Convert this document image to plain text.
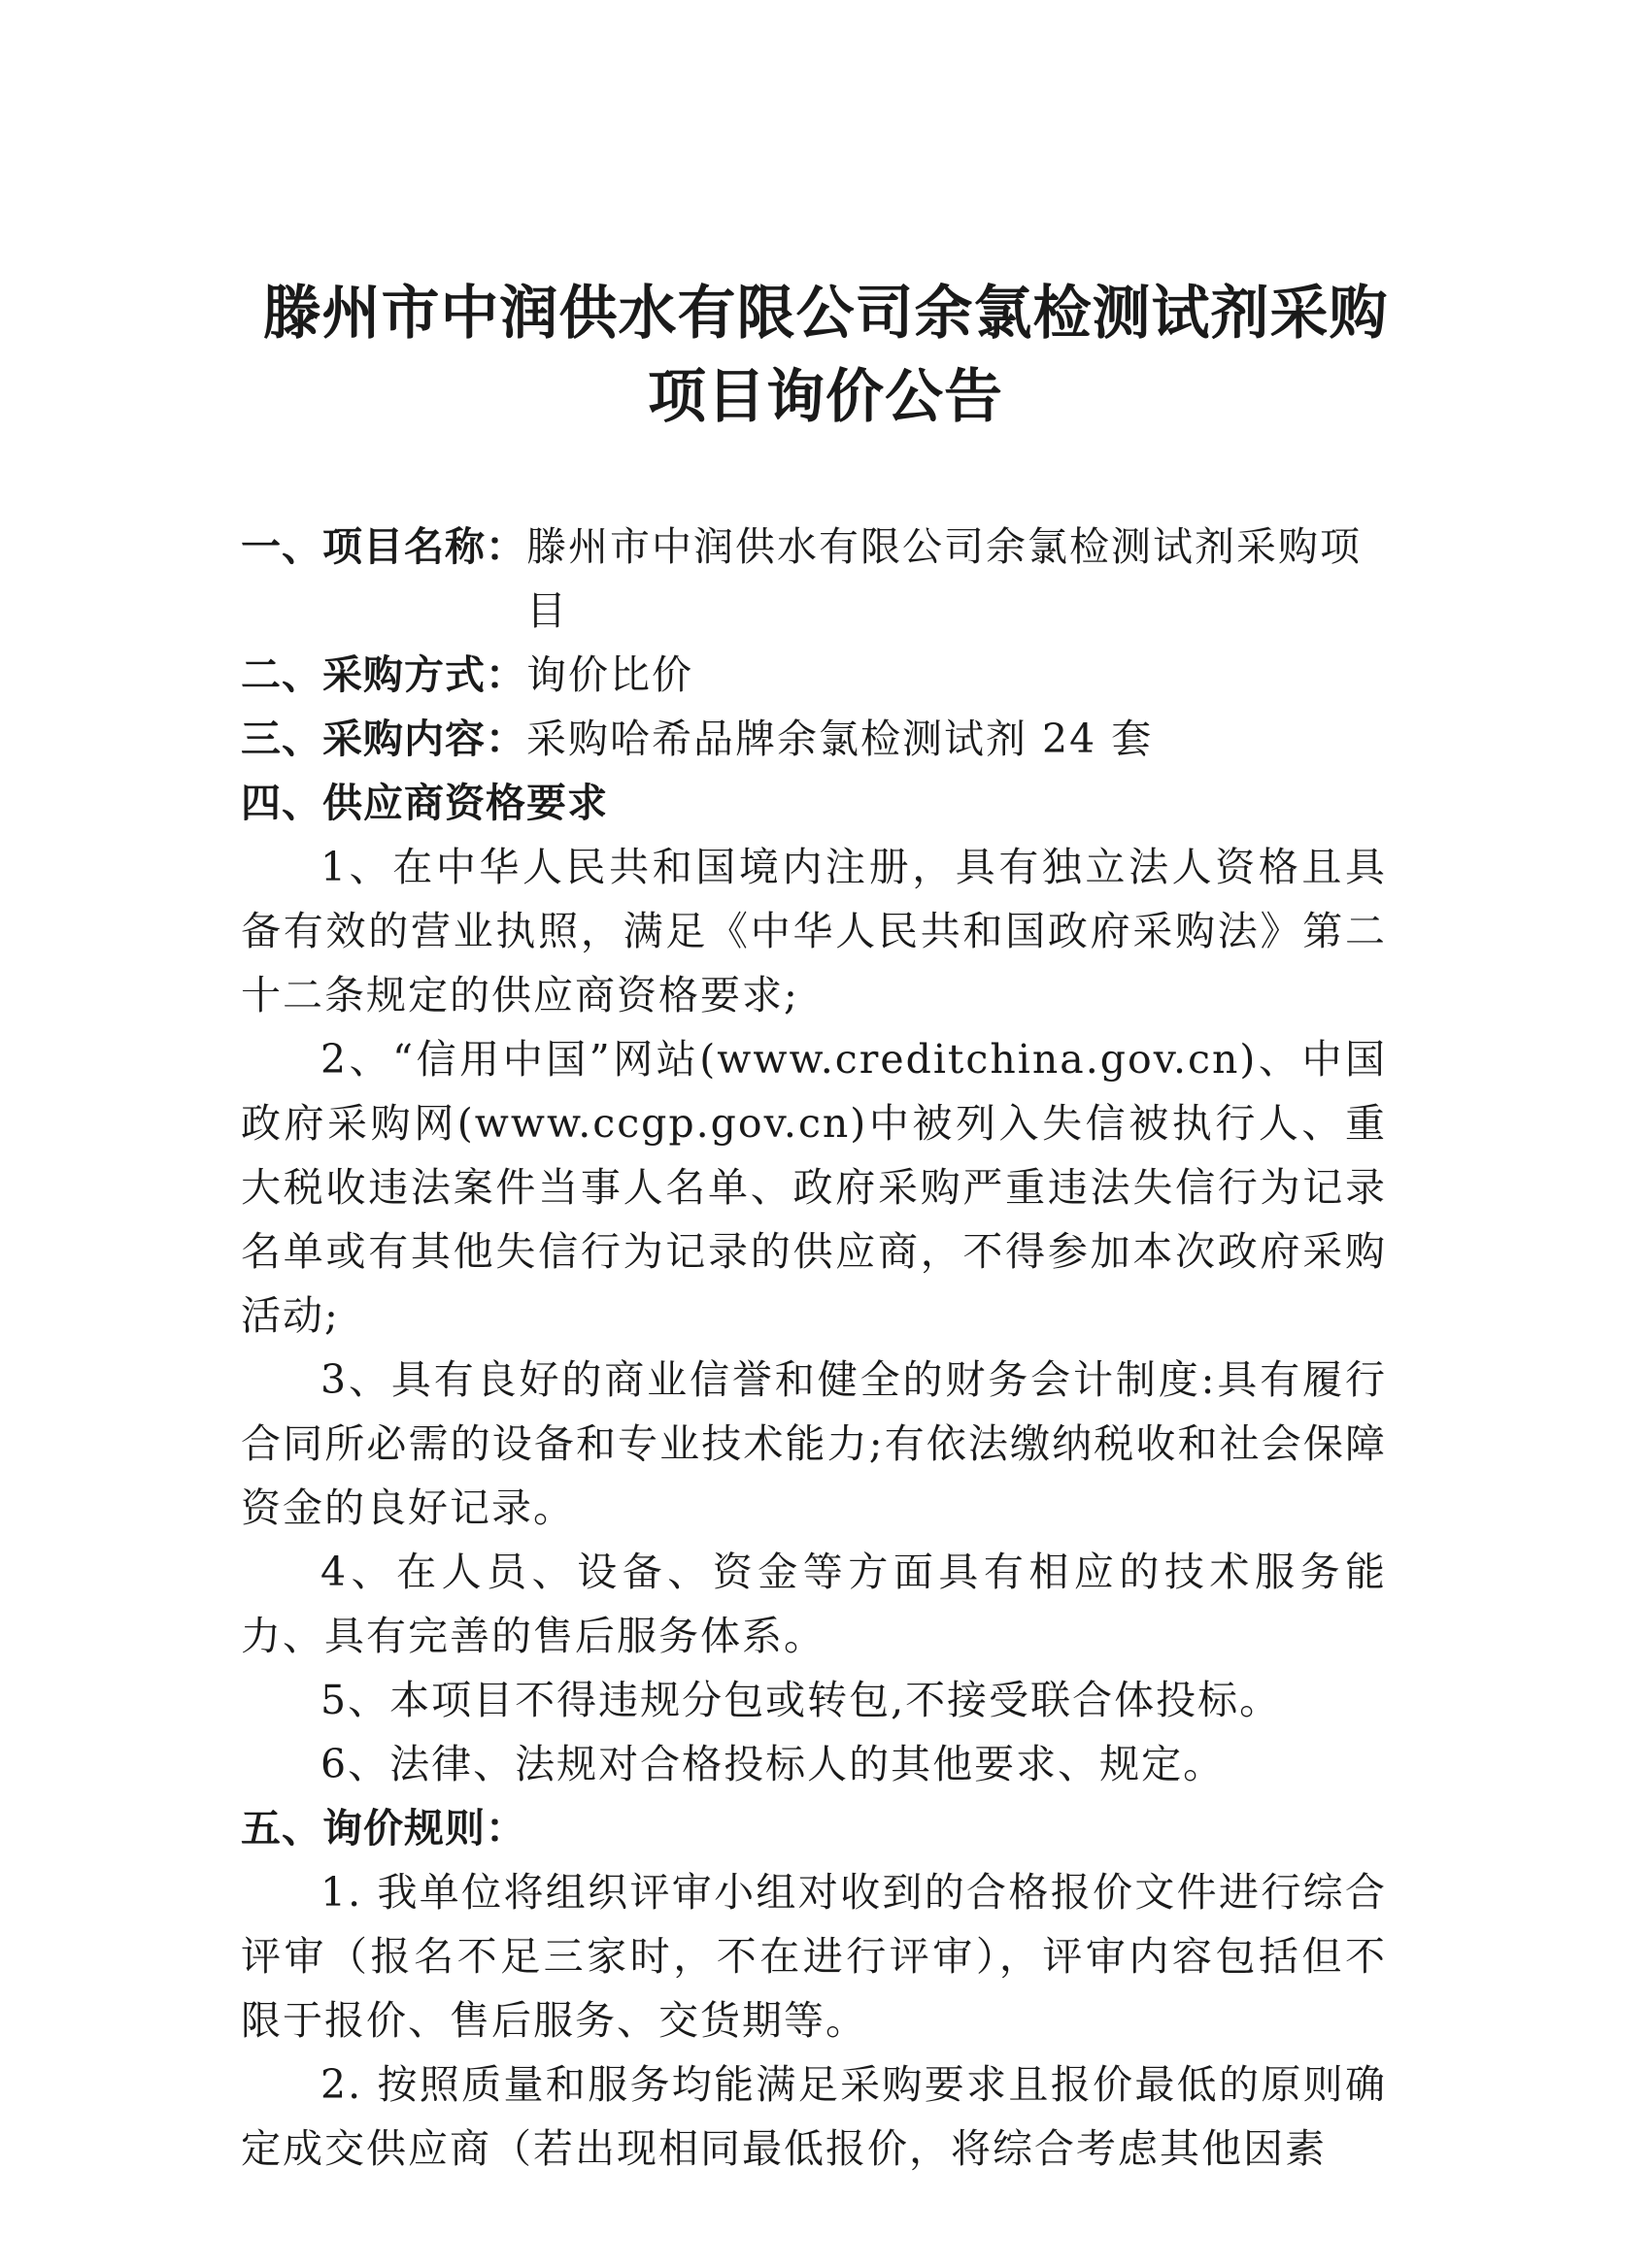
滕州市中润供水有限公司余氯检测试剂采购
项目询价公告
一、项目名称： 滕州市中润供水有限公司余氯检测试剂采购项目
二、采购方式： 询价比价
三、采购内容： 采购哈希品牌余氯检测试剂 24 套

四、供应商资格要求

1、在中华人民共和国境内注册，具有独立法人资格且具备有效的营业执照，满足《中华人民共和国政府采购法》第二十二条规定的供应商资格要求;

2、“信用中国”网站(www.creditchina.gov.cn)、中国政府采购网(www.ccgp.gov.cn)中被列入失信被执行人、重大税收违法案件当事人名单、政府采购严重违法失信行为记录名单或有其他失信行为记录的供应商，不得参加本次政府采购活动;

3、具有良好的商业信誉和健全的财务会计制度:具有履行合同所必需的设备和专业技术能力;有依法缴纳税收和社会保障资金的良好记录。

4、在人员、设备、资金等方面具有相应的技术服务能力、具有完善的售后服务体系。

5、本项目不得违规分包或转包,不接受联合体投标。

6、法律、法规对合格投标人的其他要求、规定。

五、询价规则：

1. 我单位将组织评审小组对收到的合格报价文件进行综合评审（报名不足三家时，不在进行评审），评审内容包括但不限于报价、售后服务、交货期等。

2. 按照质量和服务均能满足采购要求且报价最低的原则确定成交供应商（若出现相同最低报价，将综合考虑其他因素
